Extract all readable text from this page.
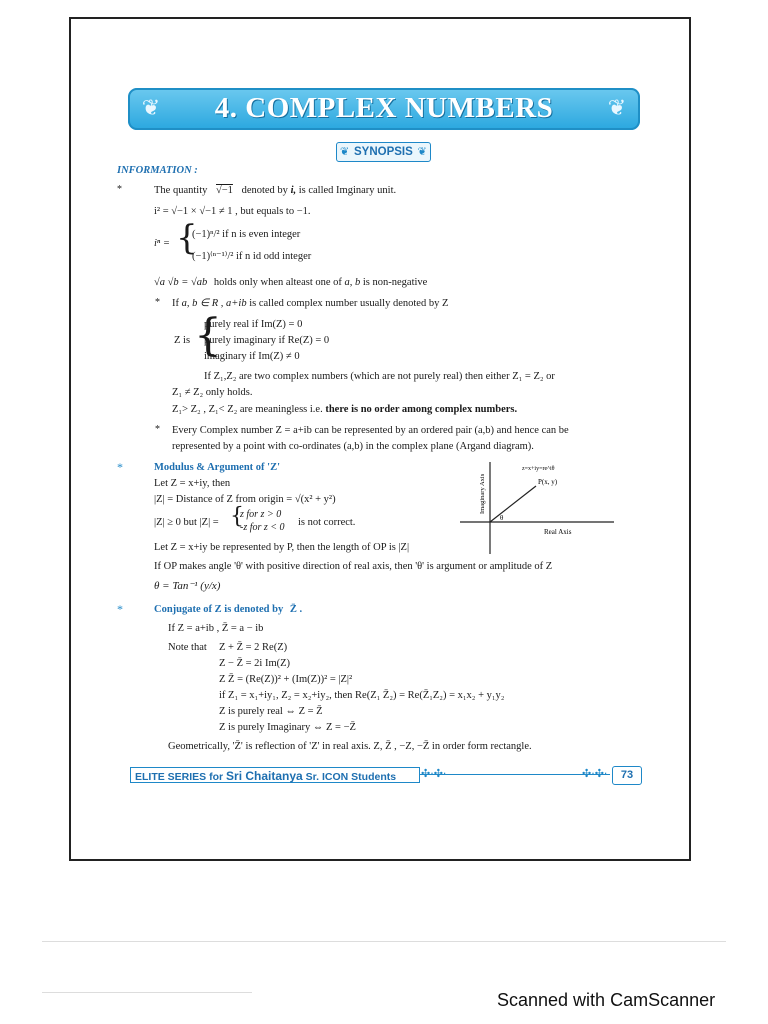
❦	4. COMPLEX NUMBERS	❦
❦ SYNOPSIS ❦
INFORMATION :
*	The quantity √−1 denoted by i, is called Imginary unit.
i² = √−1 × √−1 ≠ 1 , but equals to −1.
iⁿ = {
(−1)ⁿ/² if n is even integer
(−1)⁽ⁿ⁻¹⁾/² if n id odd integer
√a √b = √ab holds only when alteast one of a, b is non-negative
* If a, b ∈ R , a+ib is called complex number usually denoted by Z
Z is {
purely real if Im(Z) = 0
purely imaginary if Re(Z) = 0
imaginary if Im(Z) ≠ 0
If Z₁,Z₂ are two complex numbers (which are not purely real) then either Z₁ = Z₂ or
Z₁ ≠ Z₂ only holds.
Z₁> Z₂ , Z₁< Z₂ are meaningless i.e. there is no order among complex numbers.
* Every Complex number Z = a+ib can be represented by an ordered pair (a,b) and hence can be
represented by a point with co-ordinates (a,b) in the complex plane (Argand diagram).
*	Modulus & Argument of 'Z'
Let Z = x+iy, then
|Z| = Distance of Z from origin = √(x² + y²)
|Z| ≥ 0 but |Z| = {
z for z > 0
-z for z < 0 is not correct.
Let Z = x+iy be represented by P, then the length of OP is |Z|
If OP makes angle 'θ' with positive direction of real axis, then 'θ' is argument or amplitude of Z
θ = Tan⁻¹ (y/x)
z=x+iy=re^iθ
P(x, y)
θ
Real Axis
Imaginary Axis
*	Conjugate of Z is denoted by Z̄ .
If Z = a+ib , Z̄ = a − ib
Note that Z + Z̄ = 2 Re(Z)
Z − Z̄ = 2i Im(Z)
Z Z̄ = (Re(Z))² + (Im(Z))² = |Z|²
if Z₁ = x₁+iy₁, Z₂ = x₂+iy₂, then Re(Z₁ Z̄₂) = Re(Z̄₁Z₂) = x₁x₂ + y₁y₂
Z is purely real ⇔ Z = Z̄
Z is purely Imaginary ⇔ Z = −Z̄
Geometrically, 'Z̄' is reflection of 'Z' in real axis. Z, Z̄ , −Z, −Z̄ in order form rectangle.
ELITE SERIES for Sri Chaitanya Sr. ICON Students	✣·✣·	✣·✣·	73
Scanned with CamScanner
